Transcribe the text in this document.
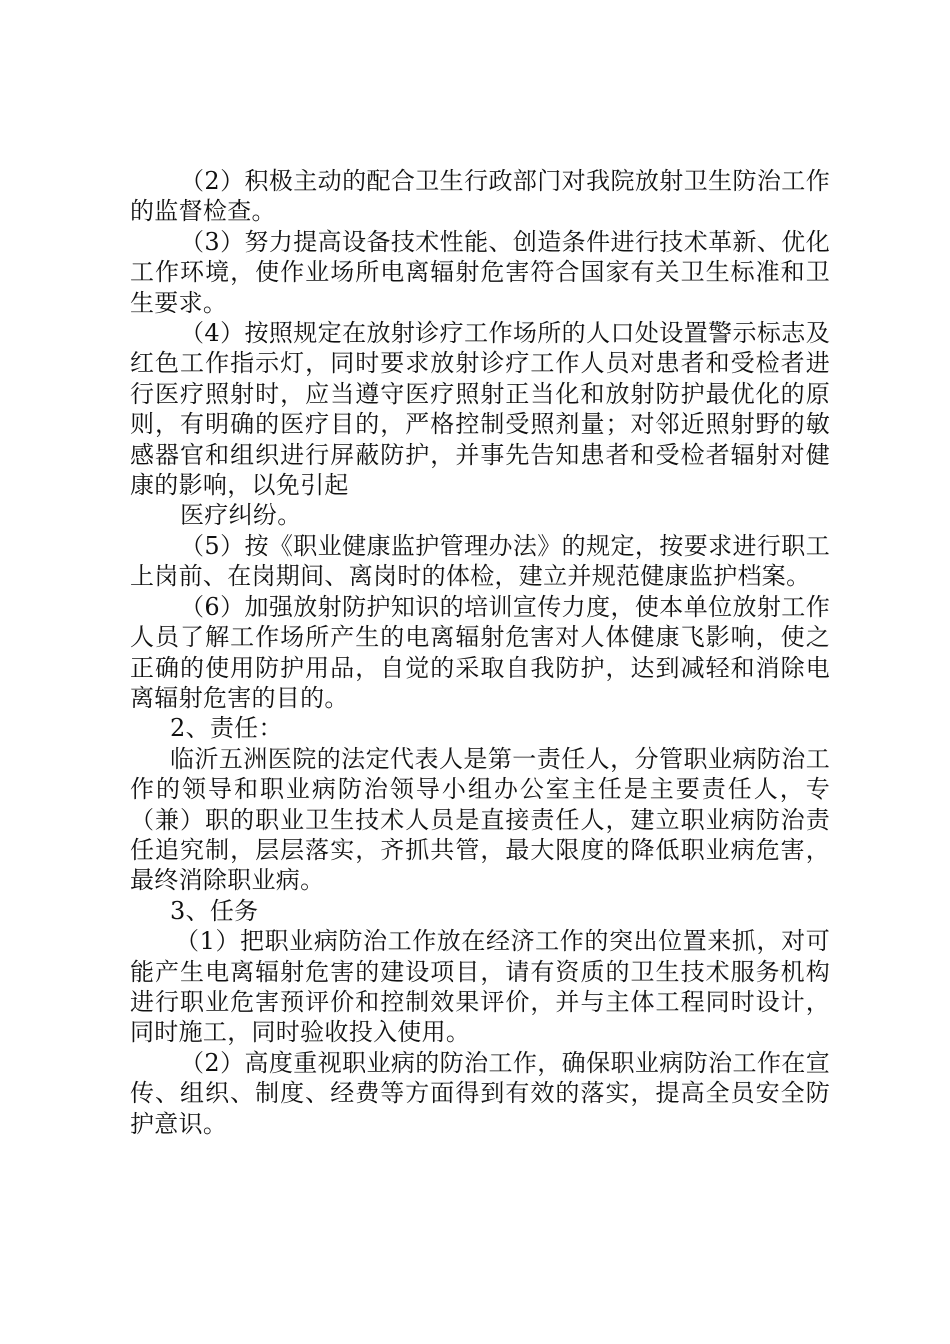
（2）积极主动的配合卫生行政部门对我院放射卫生防治工作的监督检查。

（3）努力提高设备技术性能、创造条件进行技术革新、优化工作环境，使作业场所电离辐射危害符合国家有关卫生标准和卫生要求。

（4）按照规定在放射诊疗工作场所的人口处设置警示标志及红色工作指示灯，同时要求放射诊疗工作人员对患者和受检者进行医疗照射时，应当遵守医疗照射正当化和放射防护最优化的原则，有明确的医疗目的，严格控制受照剂量；对邻近照射野的敏感器官和组织进行屏蔽防护，并事先告知患者和受检者辐射对健康的影响，以免引起

医疗纠纷。

（5）按《职业健康监护管理办法》的规定，按要求进行职工上岗前、在岗期间、离岗时的体检，建立并规范健康监护档案。

（6）加强放射防护知识的培训宣传力度，使本单位放射工作人员了解工作场所产生的电离辐射危害对人体健康飞影响，使之正确的使用防护用品，自觉的采取自我防护，达到减轻和消除电离辐射危害的目的。

2、责任：

临沂五洲医院的法定代表人是第一责任人，分管职业病防治工作的领导和职业病防治领导小组办公室主任是主要责任人，专（兼）职的职业卫生技术人员是直接责任人，建立职业病防治责任追究制，层层落实，齐抓共管，最大限度的降低职业病危害，最终消除职业病。

3、任务

（1）把职业病防治工作放在经济工作的突出位置来抓，对可能产生电离辐射危害的建设项目，请有资质的卫生技术服务机构进行职业危害预评价和控制效果评价，并与主体工程同时设计，同时施工，同时验收投入使用。

（2）高度重视职业病的防治工作，确保职业病防治工作在宣传、组织、制度、经费等方面得到有效的落实，提高全员安全防护意识。
